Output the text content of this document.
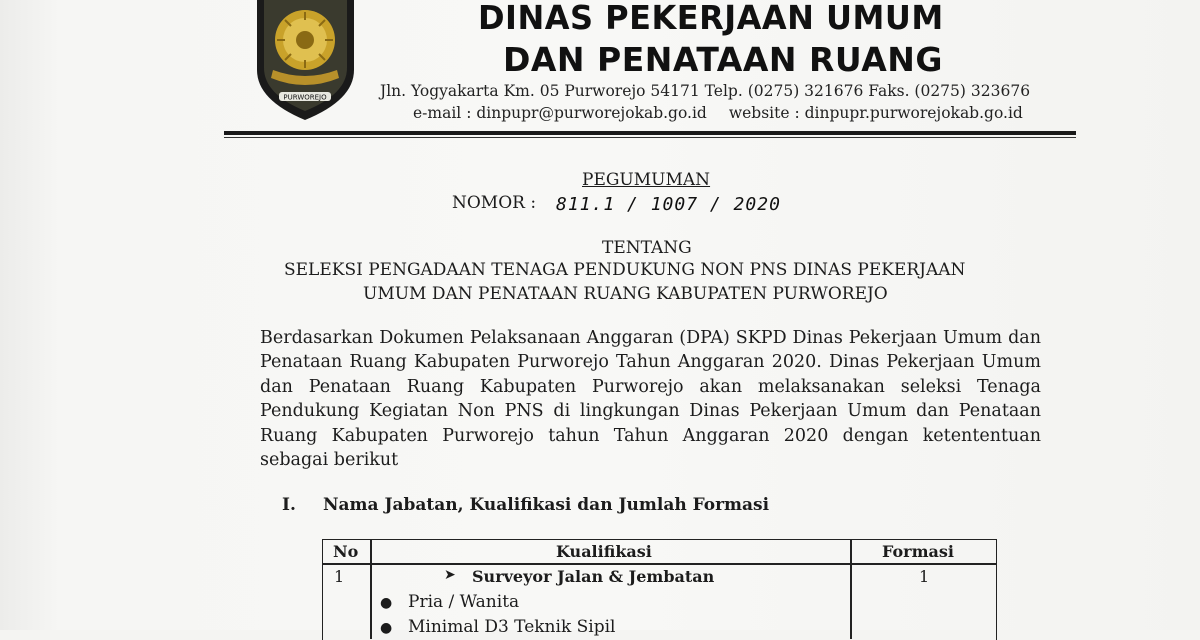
PURWOREJO
DINAS PEKERJAAN UMUM
DAN PENATAAN RUANG
Jln. Yogyakarta Km. 05 Purworejo 54171 Telp. (0275) 321676 Faks. (0275) 323676
e-mail : dinpupr@purworejokab.go.id website : dinpupr.purworejokab.go.id
PEGUMUMAN
NOMOR : 811.1 / 1007 / 2020
TENTANG
SELEKSI PENGADAAN TENAGA PENDUKUNG NON PNS DINAS PEKERJAAN
UMUM DAN PENATAAN RUANG KABUPATEN PURWOREJO
Berdasarkan Dokumen Pelaksanaan Anggaran (DPA) SKPD Dinas Pekerjaan Umum dan Penataan Ruang Kabupaten Purworejo Tahun Anggaran 2020. Dinas Pekerjaan Umum dan Penataan Ruang Kabupaten Purworejo akan melaksanakan seleksi Tenaga Pendukung Kegiatan Non PNS di lingkungan Dinas Pekerjaan Umum dan Penataan Ruang Kabupaten Purworejo tahun Tahun Anggaran 2020 dengan ketententuan sebagai berikut
I. Nama Jabatan, Kualifikasi dan Jumlah Formasi
No	Kualifikasi	Formasi
1	➤ Surveyor Jalan & Jembatan	1
● Pria / Wanita
● Minimal D3 Teknik Sipil
